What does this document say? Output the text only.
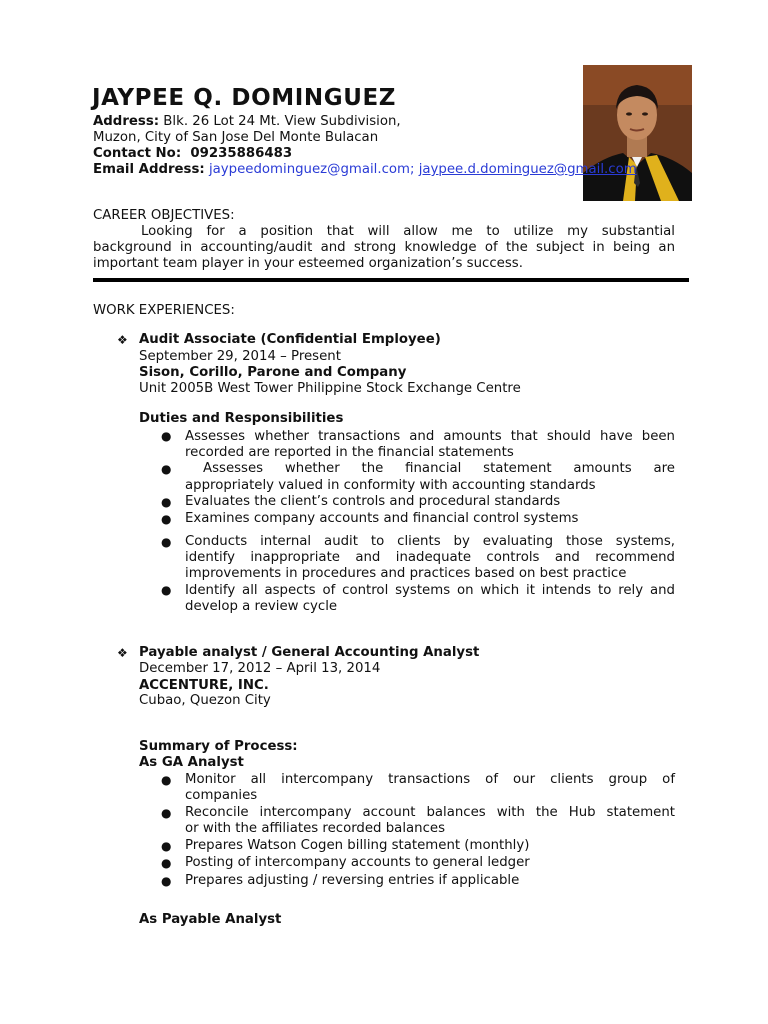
JAYPEE Q. DOMINGUEZ
Address: Blk. 26 Lot 24 Mt. View Subdivision,
Muzon, City of San Jose Del Monte Bulacan
Contact No: 09235886483
Email Address: jaypeedominguez@gmail.com; jaypee.d.dominguez@gmail.com
CAREER OBJECTIVES:
Looking for a position that will allow me to utilize my substantial
background in accounting/audit and strong knowledge of the subject in being an
important team player in your esteemed organization’s success.
WORK EXPERIENCES:
❖ Audit Associate (Confidential Employee)
September 29, 2014 – Present
Sison, Corillo, Parone and Company
Unit 2005B West Tower Philippine Stock Exchange Centre
Duties and Responsibilities
● Assesses whether transactions and amounts that should have been
recorded are reported in the financial statements
●	Assesses whether the financial statement amounts are
appropriately valued in conformity with accounting standards
● Evaluates the client’s controls and procedural standards
● Examines company accounts and financial control systems
● Conducts internal audit to clients by evaluating those systems,
identify inappropriate and inadequate controls and recommend
improvements in procedures and practices based on best practice
● Identify all aspects of control systems on which it intends to rely and
develop a review cycle
❖ Payable analyst / General Accounting Analyst
December 17, 2012 – April 13, 2014
ACCENTURE, INC.
Cubao, Quezon City
Summary of Process:
As GA Analyst
● Monitor all intercompany transactions of our clients group of
companies
● Reconcile intercompany account balances with the Hub statement
or with the affiliates recorded balances
● Prepares Watson Cogen billing statement (monthly)
● Posting of intercompany accounts to general ledger
● Prepares adjusting / reversing entries if applicable
As Payable Analyst
